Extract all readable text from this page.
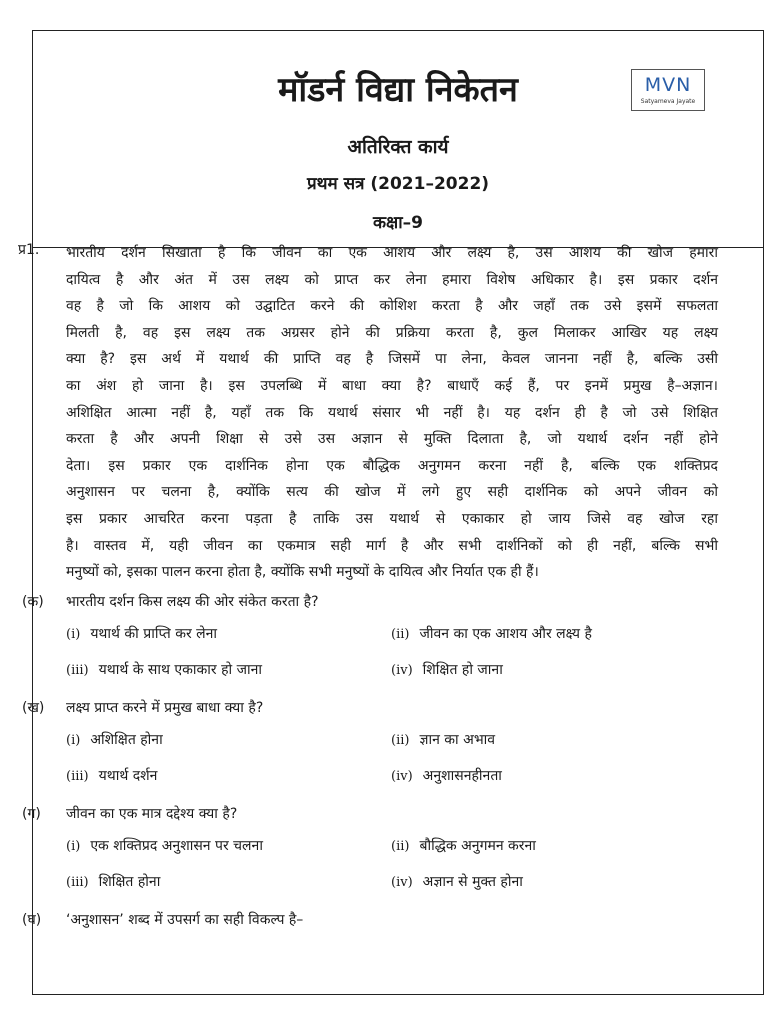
मॉडर्न विद्या निकेतन	MVN
Satyameva Jayate
अतिरिक्त कार्य
प्रथम सत्र (2021–2022)
कक्षा–9
प्र1. भारतीय दर्शन सिखाता है कि जीवन का एक आशय और लक्ष्य है, उस आशय की खोज हमारा
दायित्व है और अंत में उस लक्ष्य को प्राप्त कर लेना हमारा विशेष अधिकार है। इस प्रकार दर्शन
वह है जो कि आशय को उद्घाटित करने की कोशिश करता है और जहाँ तक उसे इसमें सफलता
मिलती है, वह इस लक्ष्य तक अग्रसर होने की प्रक्रिया करता है, कुल मिलाकर आखिर यह लक्ष्य
क्या है? इस अर्थ में यथार्थ की प्राप्ति वह है जिसमें पा लेना, केवल जानना नहीं है, बल्कि उसी
का अंश हो जाना है। इस उपलब्धि में बाधा क्या है? बाधाएँ कई हैं, पर इनमें प्रमुख है–अज्ञान।
अशिक्षित आत्मा नहीं है, यहाँ तक कि यथार्थ संसार भी नहीं है। यह दर्शन ही है जो उसे शिक्षित
करता है और अपनी शिक्षा से उसे उस अज्ञान से मुक्ति दिलाता है, जो यथार्थ दर्शन नहीं होने
देता। इस प्रकार एक दार्शनिक होना एक बौद्धिक अनुगमन करना नहीं है, बल्कि एक शक्तिप्रद
अनुशासन पर चलना है, क्योंकि सत्य की खोज में लगे हुए सही दार्शनिक को अपने जीवन को
इस प्रकार आचरित करना पड़ता है ताकि उस यथार्थ से एकाकार हो जाय जिसे वह खोज रहा
है। वास्तव में, यही जीवन का एकमात्र सही मार्ग है और सभी दार्शनिकों को ही नहीं, बल्कि सभी
मनुष्यों को, इसका पालन करना होता है, क्योंकि सभी मनुष्यों के दायित्व और निर्यात एक ही हैं।
(क) भारतीय दर्शन किस लक्ष्य की ओर संकेत करता है?
(i) यथार्थ की प्राप्ति कर लेना	(ii) जीवन का एक आशय और लक्ष्य है
(iii) यथार्थ के साथ एकाकार हो जाना	(iv) शिक्षित हो जाना
(ख) लक्ष्य प्राप्त करने में प्रमुख बाधा क्या है?
(i) अशिक्षित होना	(ii) ज्ञान का अभाव
(iii) यथार्थ दर्शन	(iv) अनुशासनहीनता
(ग) जीवन का एक मात्र दद्देश्य क्या है?
(i) एक शक्तिप्रद अनुशासन पर चलना	(ii) बौद्धिक अनुगमन करना
(iii) शिक्षित होना	(iv) अज्ञान से मुक्त होना
(घ) ‘अनुशासन’ शब्द में उपसर्ग का सही विकल्प है–
